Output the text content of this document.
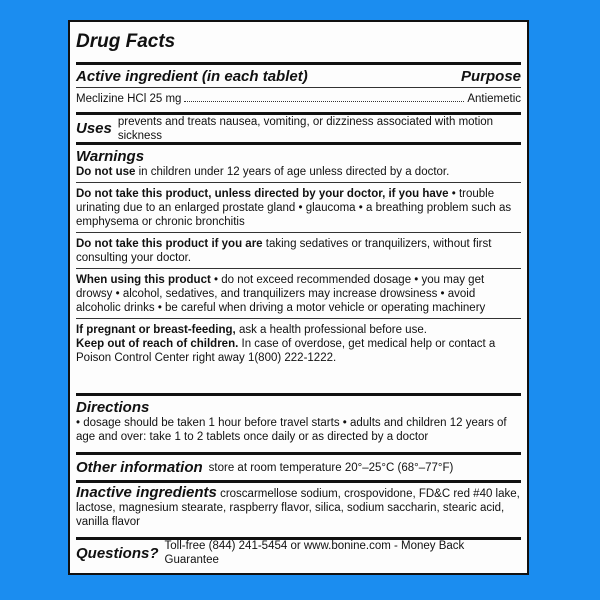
Drug Facts
Active ingredient (in each tablet)	Purpose
Meclizine HCl 25 mg	Antiemetic
Uses prevents and treats nausea, vomiting, or dizziness associated with motion sickness
Warnings
Do not use in children under 12 years of age unless directed by a doctor.
Do not take this product, unless directed by your doctor, if you have • trouble urinating due to an enlarged prostate gland • glaucoma • a breathing problem such as emphysema or chronic bronchitis
Do not take this product if you are taking sedatives or tranquilizers, without first consulting your doctor.
When using this product • do not exceed recommended dosage • you may get drowsy • alcohol, sedatives, and tranquilizers may increase drowsiness • avoid alcoholic drinks • be careful when driving a motor vehicle or operating machinery
If pregnant or breast-feeding, ask a health professional before use.
Keep out of reach of children. In case of overdose, get medical help or contact a Poison Control Center right away 1(800) 222-1222.
Directions
• dosage should be taken 1 hour before travel starts • adults and children 12 years of age and over: take 1 to 2 tablets once daily or as directed by a doctor
Other information store at room temperature 20°–25°C (68°–77°F)
Inactive ingredients croscarmellose sodium, crospovidone, FD&C red #40 lake, lactose, magnesium stearate, raspberry flavor, silica, sodium saccharin, stearic acid, vanilla flavor
Questions? Toll-free (844) 241-5454 or www.bonine.com - Money Back Guarantee
